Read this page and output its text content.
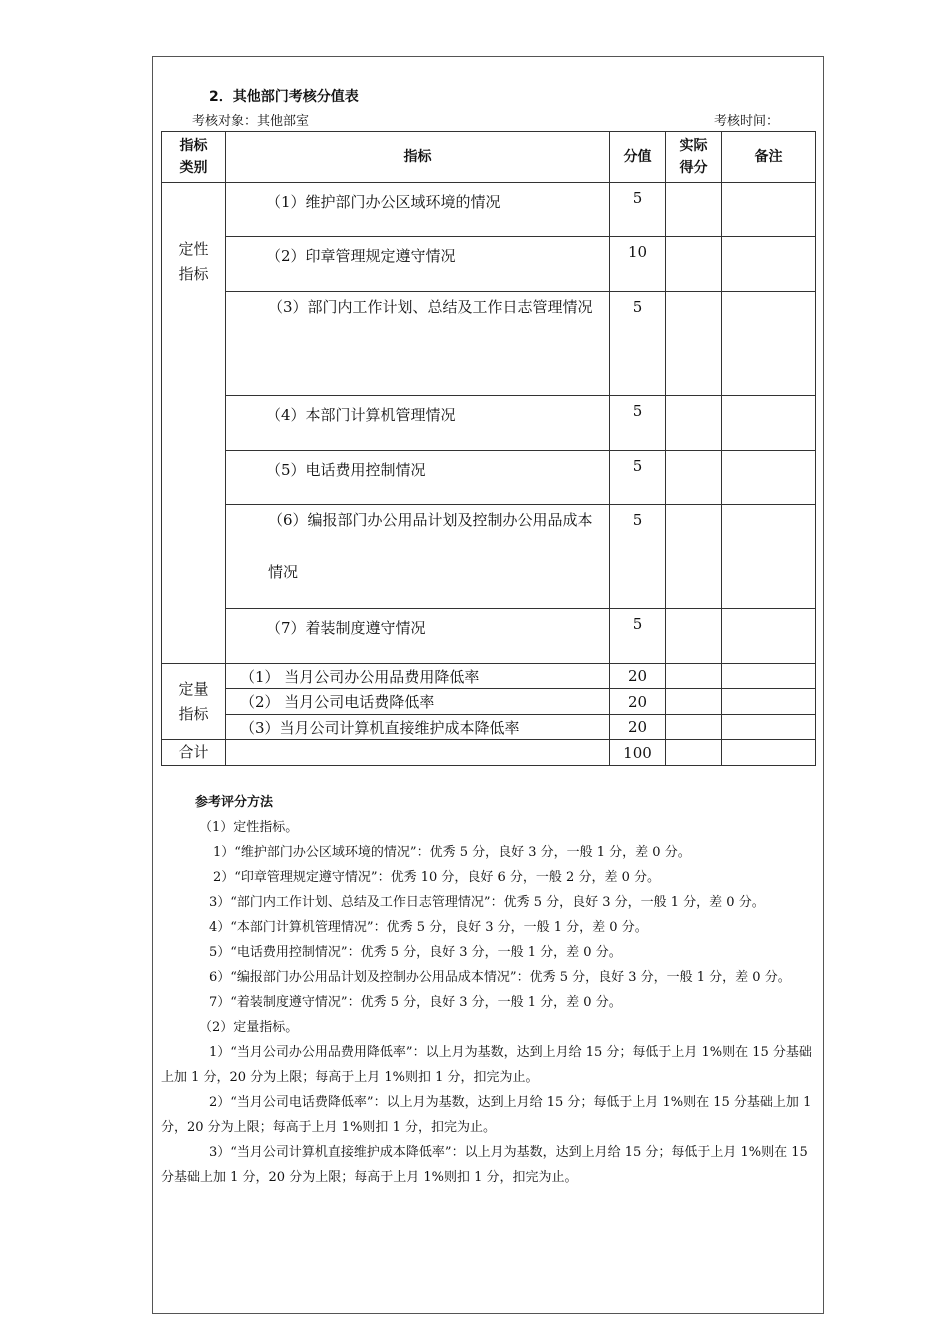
2．其他部门考核分值表
考核对象：其他部室	考核时间：
指标类别	指标	分值	实际得分	备注
定性指标	（1）维护部门办公区域环境的情况	5		
	（2）印章管理规定遵守情况	10		

	（3）部门内工作计划、总结及工作日志管理情况	5		
	（4）本部门计算机管理情况	5		
	（5）电话费用控制情况	5		

	（6）编报部门办公用品计划及控制办公用品成本情况	5		
	（7）着装制度遵守情况	5		
定量指标	（1） 当月公司办公用品费用降低率	20		
	（2） 当月公司电话费降低率	20		
	（3）当月公司计算机直接维护成本降低率	20		
合计		100		

参考评分方法

（1）定性指标。

1）“维护部门办公区域环境的情况”：优秀 5 分，良好 3 分，一般 1 分，差 0 分。

2）“印章管理规定遵守情况”：优秀 10 分，良好 6 分，一般 2 分，差 0 分。

3）“部门内工作计划、总结及工作日志管理情况”：优秀 5 分，良好 3 分，一般 1 分，差 0 分。

4）“本部门计算机管理情况”：优秀 5 分，良好 3 分，一般 1 分，差 0 分。

5）“电话费用控制情况”：优秀 5 分，良好 3 分，一般 1 分，差 0 分。

6）“编报部门办公用品计划及控制办公用品成本情况”：优秀 5 分，良好 3 分，一般 1 分，差 0 分。

7）“着装制度遵守情况”：优秀 5 分，良好 3 分，一般 1 分，差 0 分。

（2）定量指标。

1）“当月公司办公用品费用降低率”：以上月为基数，达到上月给 15 分；每低于上月 1%则在 15 分基础上加 1 分，20 分为上限；每高于上月 1%则扣 1 分，扣完为止。

2）“当月公司电话费降低率”：以上月为基数，达到上月给 15 分；每低于上月 1%则在 15 分基础上加 1 分，20 分为上限；每高于上月 1%则扣 1 分，扣完为止。

3）“当月公司计算机直接维护成本降低率”：以上月为基数，达到上月给 15 分；每低于上月 1%则在 15 分基础上加 1 分，20 分为上限；每高于上月 1%则扣 1 分，扣完为止。
